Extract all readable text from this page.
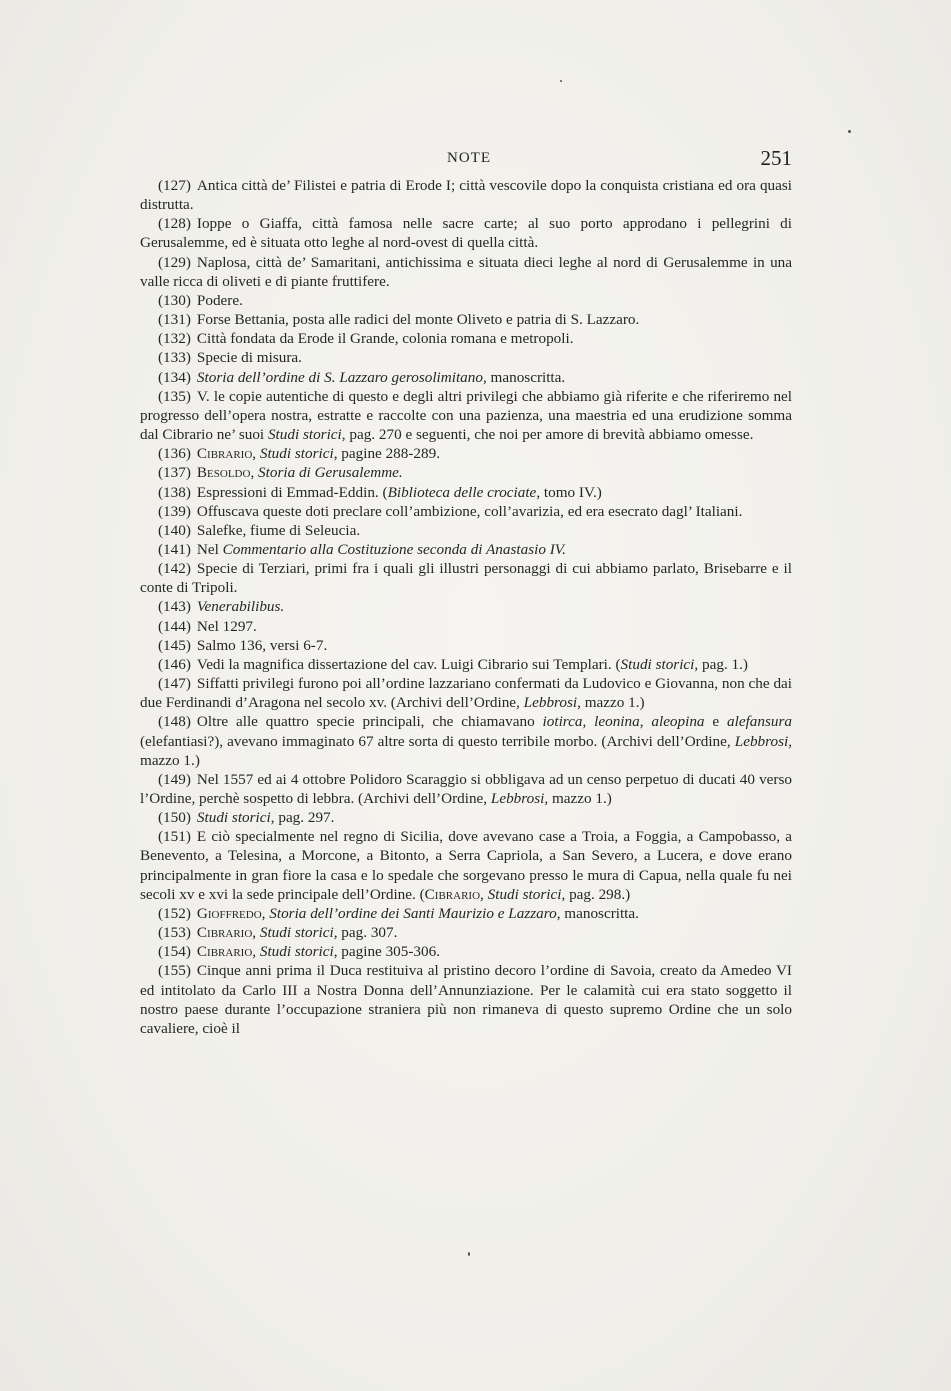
NOTE	251

(127) Antica città de’ Filistei e patria di Erode I; città vescovile dopo la conquista cristiana ed ora quasi distrutta.

(128) Ioppe o Giaffa, città famosa nelle sacre carte; al suo porto approdano i pellegrini di Gerusalemme, ed è situata otto leghe al nord-ovest di quella città.

(129) Naplosa, città de’ Samaritani, antichissima e situata dieci leghe al nord di Gerusalemme in una valle ricca di oliveti e di piante fruttifere.

(130) Podere.

(131) Forse Bettania, posta alle radici del monte Oliveto e patria di S. Lazzaro.

(132) Città fondata da Erode il Grande, colonia romana e metropoli.

(133) Specie di misura.

(134) Storia dell’ordine di S. Lazzaro gerosolimitano, manoscritta.

(135) V. le copie autentiche di questo e degli altri privilegi che abbiamo già riferite e che riferiremo nel progresso dell’opera nostra, estratte e raccolte con una pazienza, una maestria ed una erudizione somma dal Cibrario ne’ suoi Studi storici, pag. 270 e seguenti, che noi per amore di brevità abbiamo omesse.

(136) Cibrario, Studi storici, pagine 288-289.

(137) Besoldo, Storia di Gerusalemme.

(138) Espressioni di Emmad-Eddin. (Biblioteca delle crociate, tomo IV.)

(139) Offuscava queste doti preclare coll’ambizione, coll’avarizia, ed era esecrato dagl’ Italiani.

(140) Salefke, fiume di Seleucia.

(141) Nel Commentario alla Costituzione seconda di Anastasio IV.

(142) Specie di Terziari, primi fra i quali gli illustri personaggi di cui abbiamo parlato, Brisebarre e il conte di Tripoli.

(143) Venerabilibus.

(144) Nel 1297.

(145) Salmo 136, versi 6-7.

(146) Vedi la magnifica dissertazione del cav. Luigi Cibrario sui Templari. (Studi storici, pag. 1.)

(147) Siffatti privilegi furono poi all’ordine lazzariano confermati da Ludovico e Giovanna, non che dai due Ferdinandi d’Aragona nel secolo xv. (Archivi dell’Ordine, Lebbrosi, mazzo 1.)

(148) Oltre alle quattro specie principali, che chiamavano iotirca, leonina, aleopina e alefansura (elefantiasi?), avevano immaginato 67 altre sorta di questo terribile morbo. (Archivi dell’Ordine, Lebbrosi, mazzo 1.)

(149) Nel 1557 ed ai 4 ottobre Polidoro Scaraggio si obbligava ad un censo perpetuo di ducati 40 verso l’Ordine, perchè sospetto di lebbra. (Archivi dell’Ordine, Lebbrosi, mazzo 1.)

(150) Studi storici, pag. 297.

(151) E ciò specialmente nel regno di Sicilia, dove avevano case a Troia, a Foggia, a Campobasso, a Benevento, a Telesina, a Morcone, a Bitonto, a Serra Capriola, a San Severo, a Lucera, e dove erano principalmente in gran fiore la casa e lo spedale che sorgevano presso le mura di Capua, nella quale fu nei secoli xv e xvi la sede principale dell’Ordine. (Cibrario, Studi storici, pag. 298.)

(152) Gioffredo, Storia dell’ordine dei Santi Maurizio e Lazzaro, manoscritta.

(153) Cibrario, Studi storici, pag. 307.

(154) Cibrario, Studi storici, pagine 305-306.

(155) Cinque anni prima il Duca restituiva al pristino decoro l’ordine di Savoia, creato da Amedeo VI ed intitolato da Carlo III a Nostra Donna dell’Annunziazione. Per le calamità cui era stato soggetto il nostro paese durante l’occupazione straniera più non rimaneva di questo supremo Ordine che un solo cavaliere, cioè il
